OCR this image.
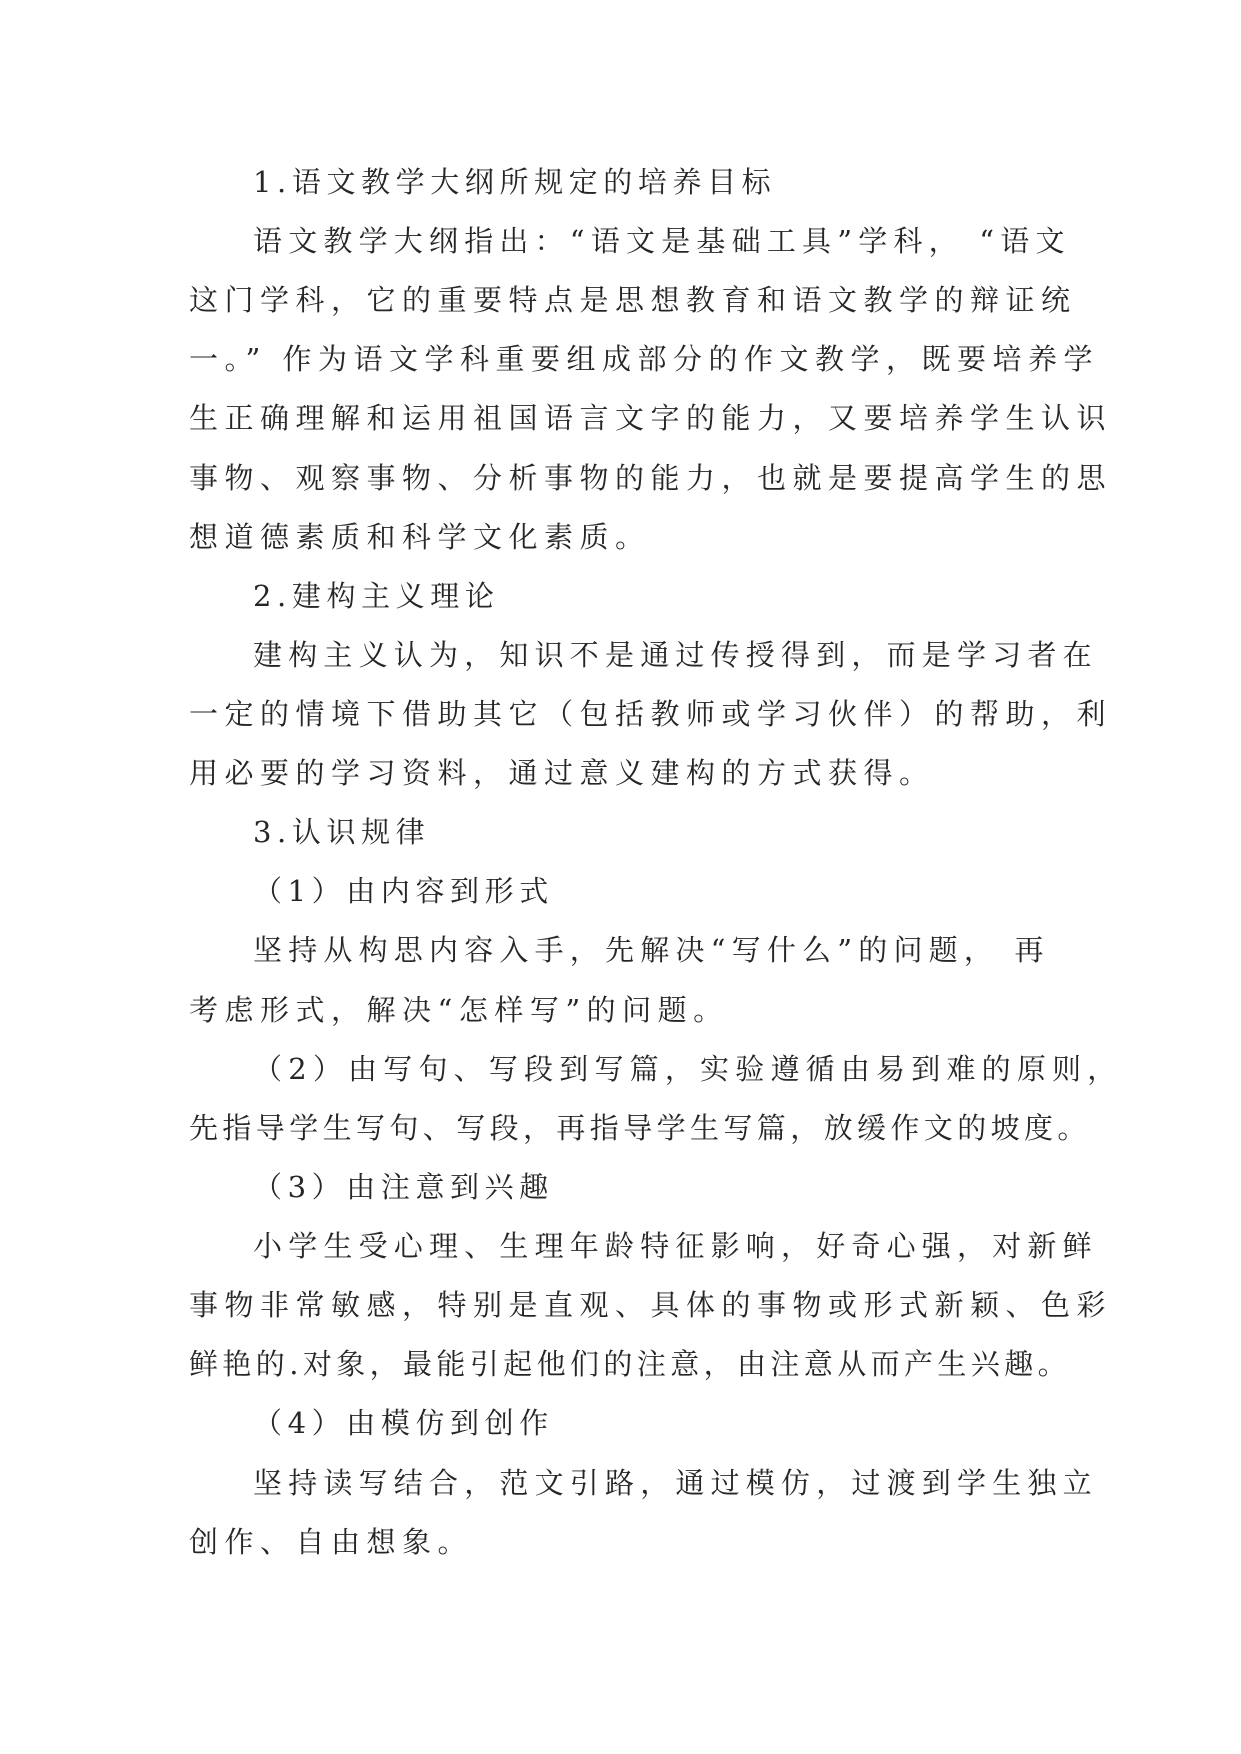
1.语文教学大纲所规定的培养目标
语文教学大纲指出：“语文是基础工具”学科， “语文
这门学科，它的重要特点是思想教育和语文教学的辩证统
一。” 作为语文学科重要组成部分的作文教学，既要培养学
生正确理解和运用祖国语言文字的能力，又要培养学生认识
事物、观察事物、分析事物的能力，也就是要提高学生的思
想道德素质和科学文化素质。
2.建构主义理论
建构主义认为，知识不是通过传授得到，而是学习者在
一定的情境下借助其它（包括教师或学习伙伴）的帮助，利
用必要的学习资料，通过意义建构的方式获得。
3.认识规律
（1）由内容到形式
坚持从构思内容入手，先解决“写什么”的问题， 再
考虑形式，解决“怎样写”的问题。
（2）由写句、写段到写篇，实验遵循由易到难的原则，
先指导学生写句、写段，再指导学生写篇，放缓作文的坡度。
（3）由注意到兴趣
小学生受心理、生理年龄特征影响，好奇心强，对新鲜
事物非常敏感，特别是直观、具体的事物或形式新颖、色彩
鲜艳的.对象，最能引起他们的注意，由注意从而产生兴趣。
（4）由模仿到创作
坚持读写结合，范文引路，通过模仿，过渡到学生独立
创作、自由想象。
